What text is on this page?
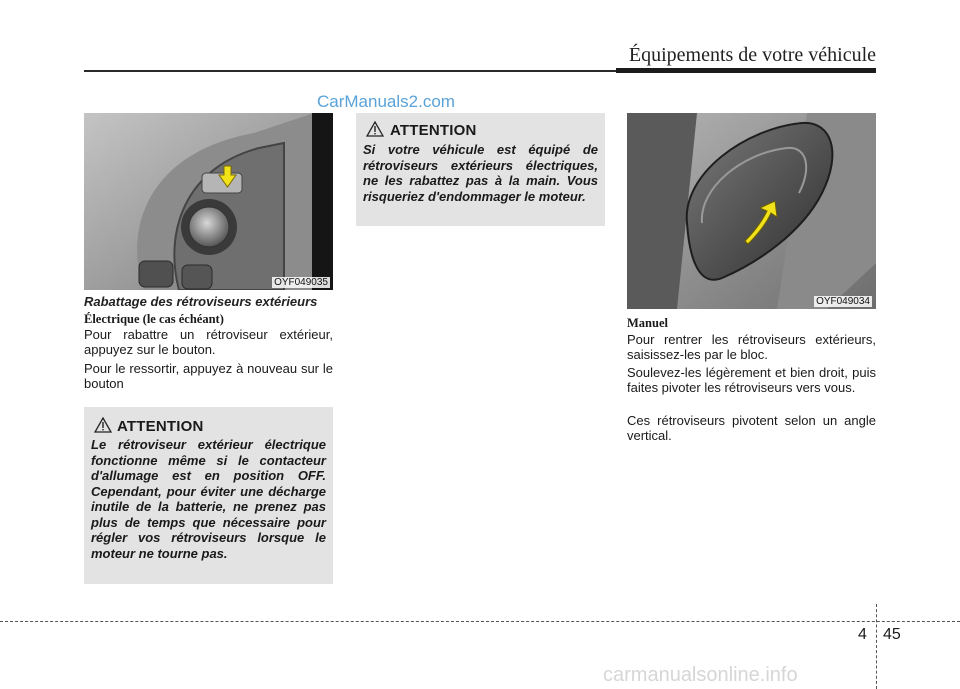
Équipements de votre véhicule
CarManuals2.com
OYF049035
Rabattage des rétroviseurs extérieurs
Électrique (le cas échéant)
Pour rabattre un rétroviseur extérieur, appuyez sur le bouton.
Pour le ressortir, appuyez à nouveau sur le bouton
ATTENTION
Le rétroviseur extérieur électrique fonctionne même si le contacteur d'allumage est en position OFF. Cependant, pour éviter une décharge inutile de la batterie, ne prenez pas plus de temps que nécessaire pour régler vos rétroviseurs lorsque le moteur ne tourne pas.
ATTENTION
Si votre véhicule est équipé de rétroviseurs extérieurs électriques, ne les rabattez pas à la main. Vous risqueriez d'endommager le moteur.
OYF049034
Manuel
Pour rentrer les rétroviseurs extérieurs, saisissez-les par le bloc.
Soulevez-les légèrement et bien droit, puis faites pivoter les rétroviseurs vers vous.
Ces rétroviseurs pivotent selon un angle vertical.
4 45
carmanualsonline.info
